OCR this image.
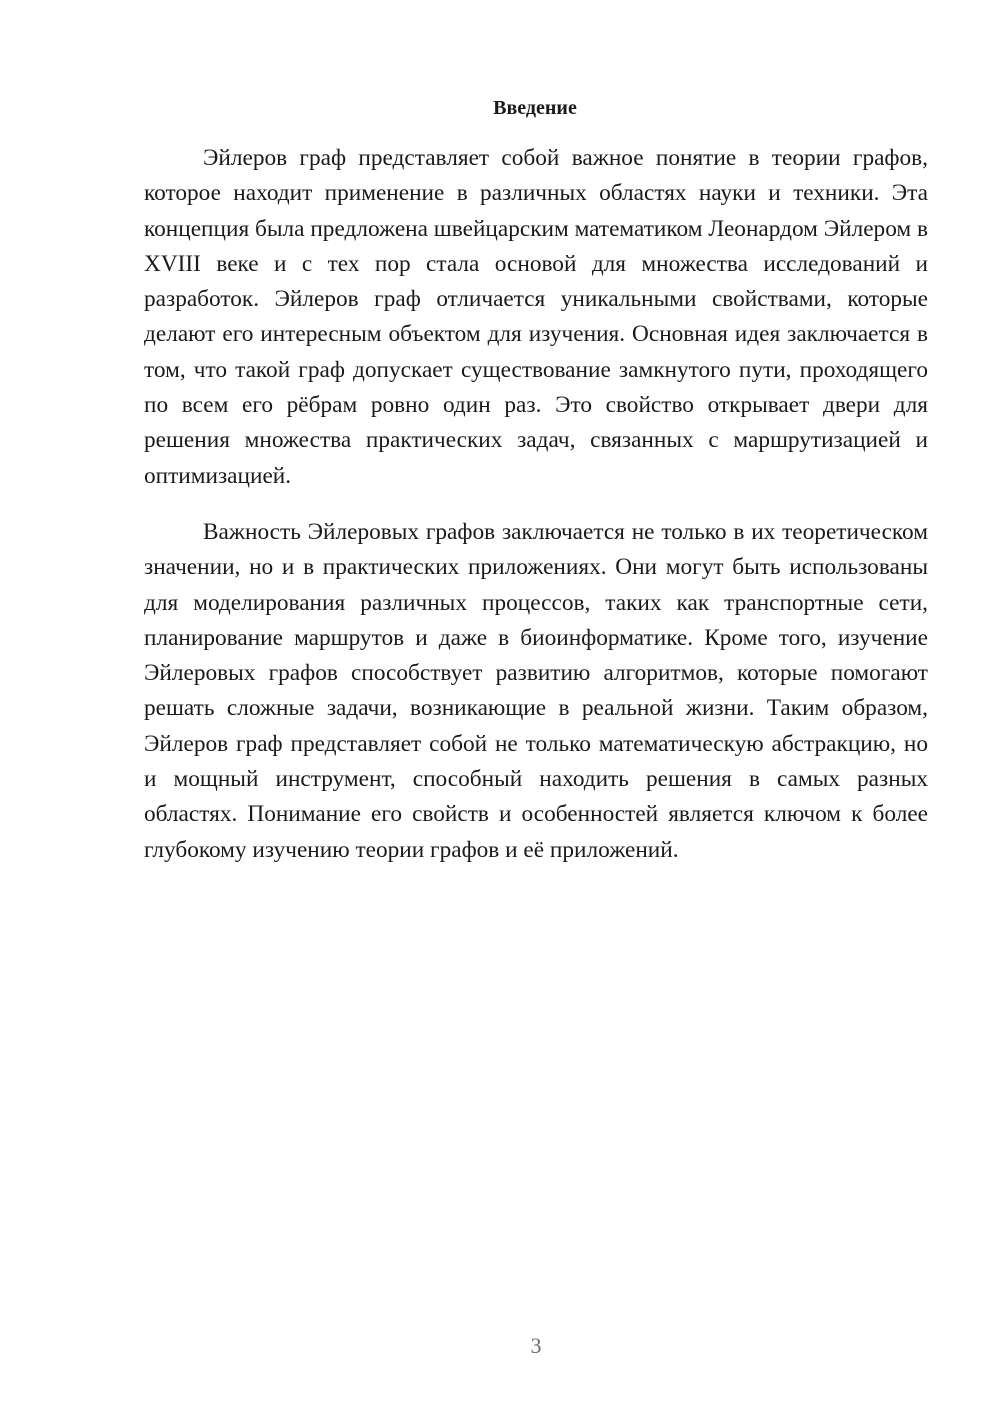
Введение

Эйлеров граф представляет собой важное понятие в теории графов, которое находит применение в различных областях науки и техники. Эта концепция была предложена швейцарским математиком Леонардом Эйлером в XVIII веке и с тех пор стала основой для множества исследований и разработок. Эйлеров граф отличается уникальными свойствами, которые делают его интересным объектом для изучения. Основная идея заключается в том, что такой граф допускает существование замкнутого пути, проходящего по всем его рёбрам ровно один раз. Это свойство открывает двери для решения множества практических задач, связанных с маршрутизацией и оптимизацией.

Важность Эйлеровых графов заключается не только в их теоретическом значении, но и в практических приложениях. Они могут быть использованы для моделирования различных процессов, таких как транспортные сети, планирование маршрутов и даже в биоинформатике. Кроме того, изучение Эйлеровых графов способствует развитию алгоритмов, которые помогают решать сложные задачи, возникающие в реальной жизни. Таким образом, Эйлеров граф представляет собой не только математическую абстракцию, но и мощный инструмент, способный находить решения в самых разных областях. Понимание его свойств и особенностей является ключом к более глубокому изучению теории графов и её приложений.

3
